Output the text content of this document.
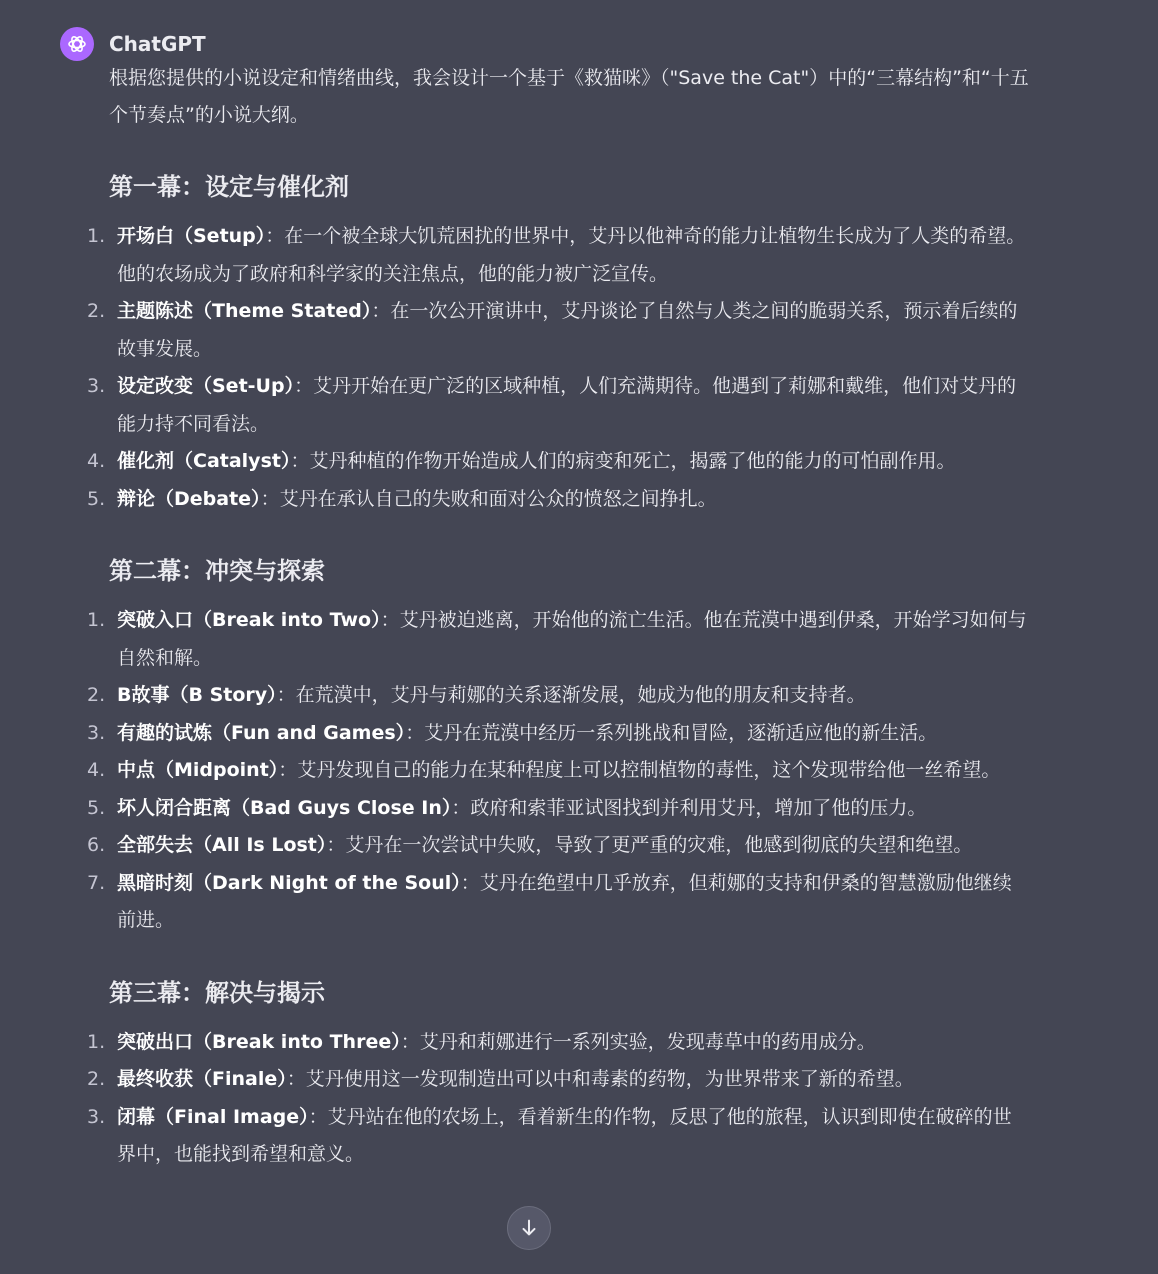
ChatGPT

根据您提供的小说设定和情绪曲线，我会设计一个基于《救猫咪》（"Save the Cat"）中的“三幕结构”和“十五个节奏点”的小说大纲。

第一幕：设定与催化剂
1. 开场白（Setup）：在一个被全球大饥荒困扰的世界中，艾丹以他神奇的能力让植物生长成为了人类的希望。他的农场成为了政府和科学家的关注焦点，他的能力被广泛宣传。
2. 主题陈述（Theme Stated）：在一次公开演讲中，艾丹谈论了自然与人类之间的脆弱关系，预示着后续的故事发展。
3. 设定改变（Set-Up）：艾丹开始在更广泛的区域种植，人们充满期待。他遇到了莉娜和戴维，他们对艾丹的能力持不同看法。
4. 催化剂（Catalyst）：艾丹种植的作物开始造成人们的病变和死亡，揭露了他的能力的可怕副作用。
5. 辩论（Debate）：艾丹在承认自己的失败和面对公众的愤怒之间挣扎。
第二幕：冲突与探索
1. 突破入口（Break into Two）：艾丹被迫逃离，开始他的流亡生活。他在荒漠中遇到伊桑，开始学习如何与自然和解。
2. B故事（B Story）：在荒漠中，艾丹与莉娜的关系逐渐发展，她成为他的朋友和支持者。
3. 有趣的试炼（Fun and Games）：艾丹在荒漠中经历一系列挑战和冒险，逐渐适应他的新生活。
4. 中点（Midpoint）：艾丹发现自己的能力在某种程度上可以控制植物的毒性，这个发现带给他一丝希望。
5. 坏人闭合距离（Bad Guys Close In）：政府和索菲亚试图找到并利用艾丹，增加了他的压力。
6. 全部失去（All Is Lost）：艾丹在一次尝试中失败，导致了更严重的灾难，他感到彻底的失望和绝望。
7. 黑暗时刻（Dark Night of the Soul）：艾丹在绝望中几乎放弃，但莉娜的支持和伊桑的智慧激励他继续前进。
第三幕：解决与揭示
1. 突破出口（Break into Three）：艾丹和莉娜进行一系列实验，发现毒草中的药用成分。
2. 最终收获（Finale）：艾丹使用这一发现制造出可以中和毒素的药物，为世界带来了新的希望。
3. 闭幕（Final Image）：艾丹站在他的农场上，看着新生的作物，反思了他的旅程，认识到即使在破碎的世界中，也能找到希望和意义。
